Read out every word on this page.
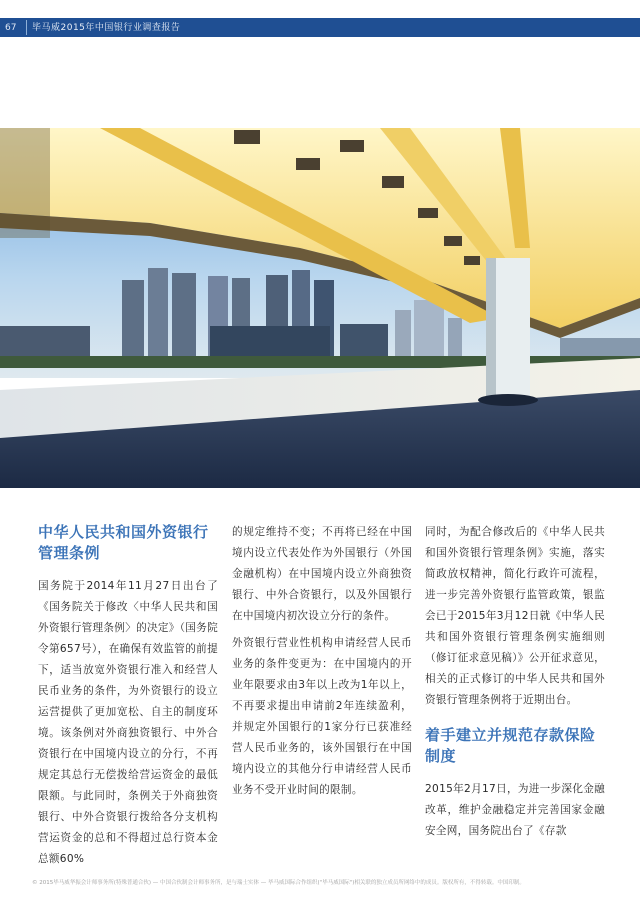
67 毕马威2015年中国银行业调查报告
中华人民共和国外资银行管理条例

国务院于2014年11月27日出台了《国务院关于修改〈中华人民共和国外资银行管理条例〉的决定》（国务院令第657号），在确保有效监管的前提下，适当放宽外资银行准入和经营人民币业务的条件，为外资银行的设立运营提供了更加宽松、自主的制度环境。该条例对外商独资银行、中外合资银行在中国境内设立的分行，不再规定其总行无偿拨给营运资金的最低限额。与此同时，条例关于外商独资银行、中外合资银行拨给各分支机构营运资金的总和不得超过总行资本金总额60%

的规定维持不变；不再将已经在中国境内设立代表处作为外国银行（外国金融机构）在中国境内设立外商独资银行、中外合资银行，以及外国银行在中国境内初次设立分行的条件。

外资银行营业性机构申请经营人民币业务的条件变更为：在中国境内的开业年限要求由3年以上改为1年以上，不再要求提出申请前2年连续盈利，并规定外国银行的1家分行已获准经营人民币业务的，该外国银行在中国境内设立的其他分行申请经营人民币业务不受开业时间的限制。

同时，为配合修改后的《中华人民共和国外资银行管理条例》实施，落实简政放权精神，简化行政许可流程，进一步完善外资银行监管政策，银监会已于2015年3月12日就《中华人民共和国外资银行管理条例实施细则（修订征求意见稿）》公开征求意见，相关的正式修订的中华人民共和国外资银行管理条例将于近期出台。

着手建立并规范存款保险制度

2015年2月17日，为进一步深化金融改革，维护金融稳定并完善国家金融安全网，国务院出台了《存款

© 2015毕马威华振会计师事务所(特殊普通合伙) — 中国合伙制会计师事务所，是与瑞士实体 — 毕马威国际合作组织("毕马威国际")相关联的独立成员所网络中的成员。版权所有，不得转载。中国印制。
